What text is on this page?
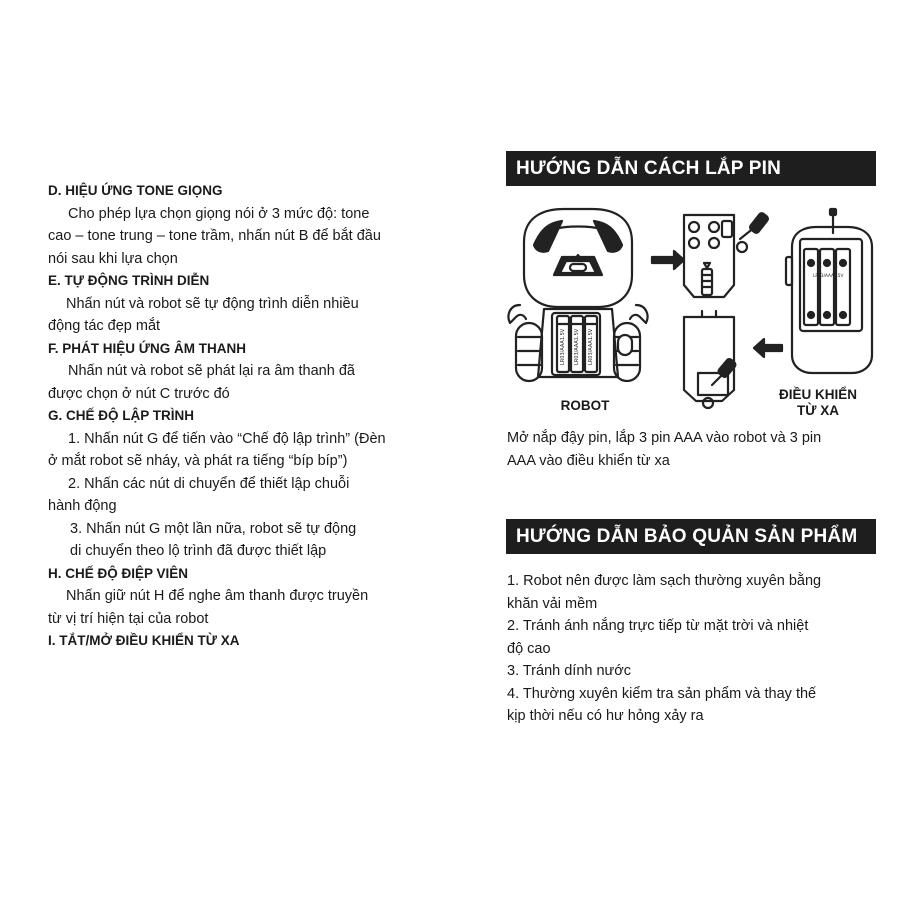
D. HIỆU ỨNG TONE GIỌNG

Cho phép lựa chọn giọng nói ở 3 mức độ: tone

cao – tone trung – tone trầm, nhấn nút B để bắt đầu

nói sau khi lựa chọn

E. TỰ ĐỘNG TRÌNH DIỄN

Nhấn nút và robot sẽ tự động trình diễn nhiều

động tác đẹp mắt

F. PHÁT HIỆU ỨNG ÂM THANH

Nhấn nút và robot sẽ phát lại ra âm thanh đã

được chọn ở nút C trước đó

G. CHẾ ĐỘ LẬP TRÌNH

1. Nhấn nút G để tiến vào “Chế độ lập trình” (Đèn

ở mắt robot sẽ nháy, và phát ra tiếng “bíp bíp”)

2. Nhấn các nút di chuyển để thiết lập chuỗi

hành động

3. Nhấn nút G một lần nữa, robot sẽ tự động

di chuyển theo lộ trình đã được thiết lập

H. CHẾ ĐỘ ĐIỆP VIÊN

Nhấn giữ nút H để nghe âm thanh được truyền

từ vị trí hiện tại của robot

I. TẮT/MỞ ĐIỀU KHIỂN TỪ XA

HƯỚNG DẪN CÁCH LẮP PIN
LR03/AAA1.5V LR03/AAA1.5V LR03/AAA1.5V
LR03/AAA1.5V
ROBOT
ĐIỀU KHIỂN
TỪ XA

Mở nắp đậy pin, lắp 3 pin AAA vào robot và 3 pin

AAA vào điều khiển từ xa

HƯỚNG DẪN BẢO QUẢN SẢN PHẨM

1. Robot nên được làm sạch thường xuyên bằng

khăn vải mềm

2. Tránh ánh nắng trực tiếp từ mặt trời và nhiệt

độ cao

3. Tránh dính nước

4. Thường xuyên kiểm tra sản phẩm và thay thế

kịp thời nếu có hư hỏng xảy ra
